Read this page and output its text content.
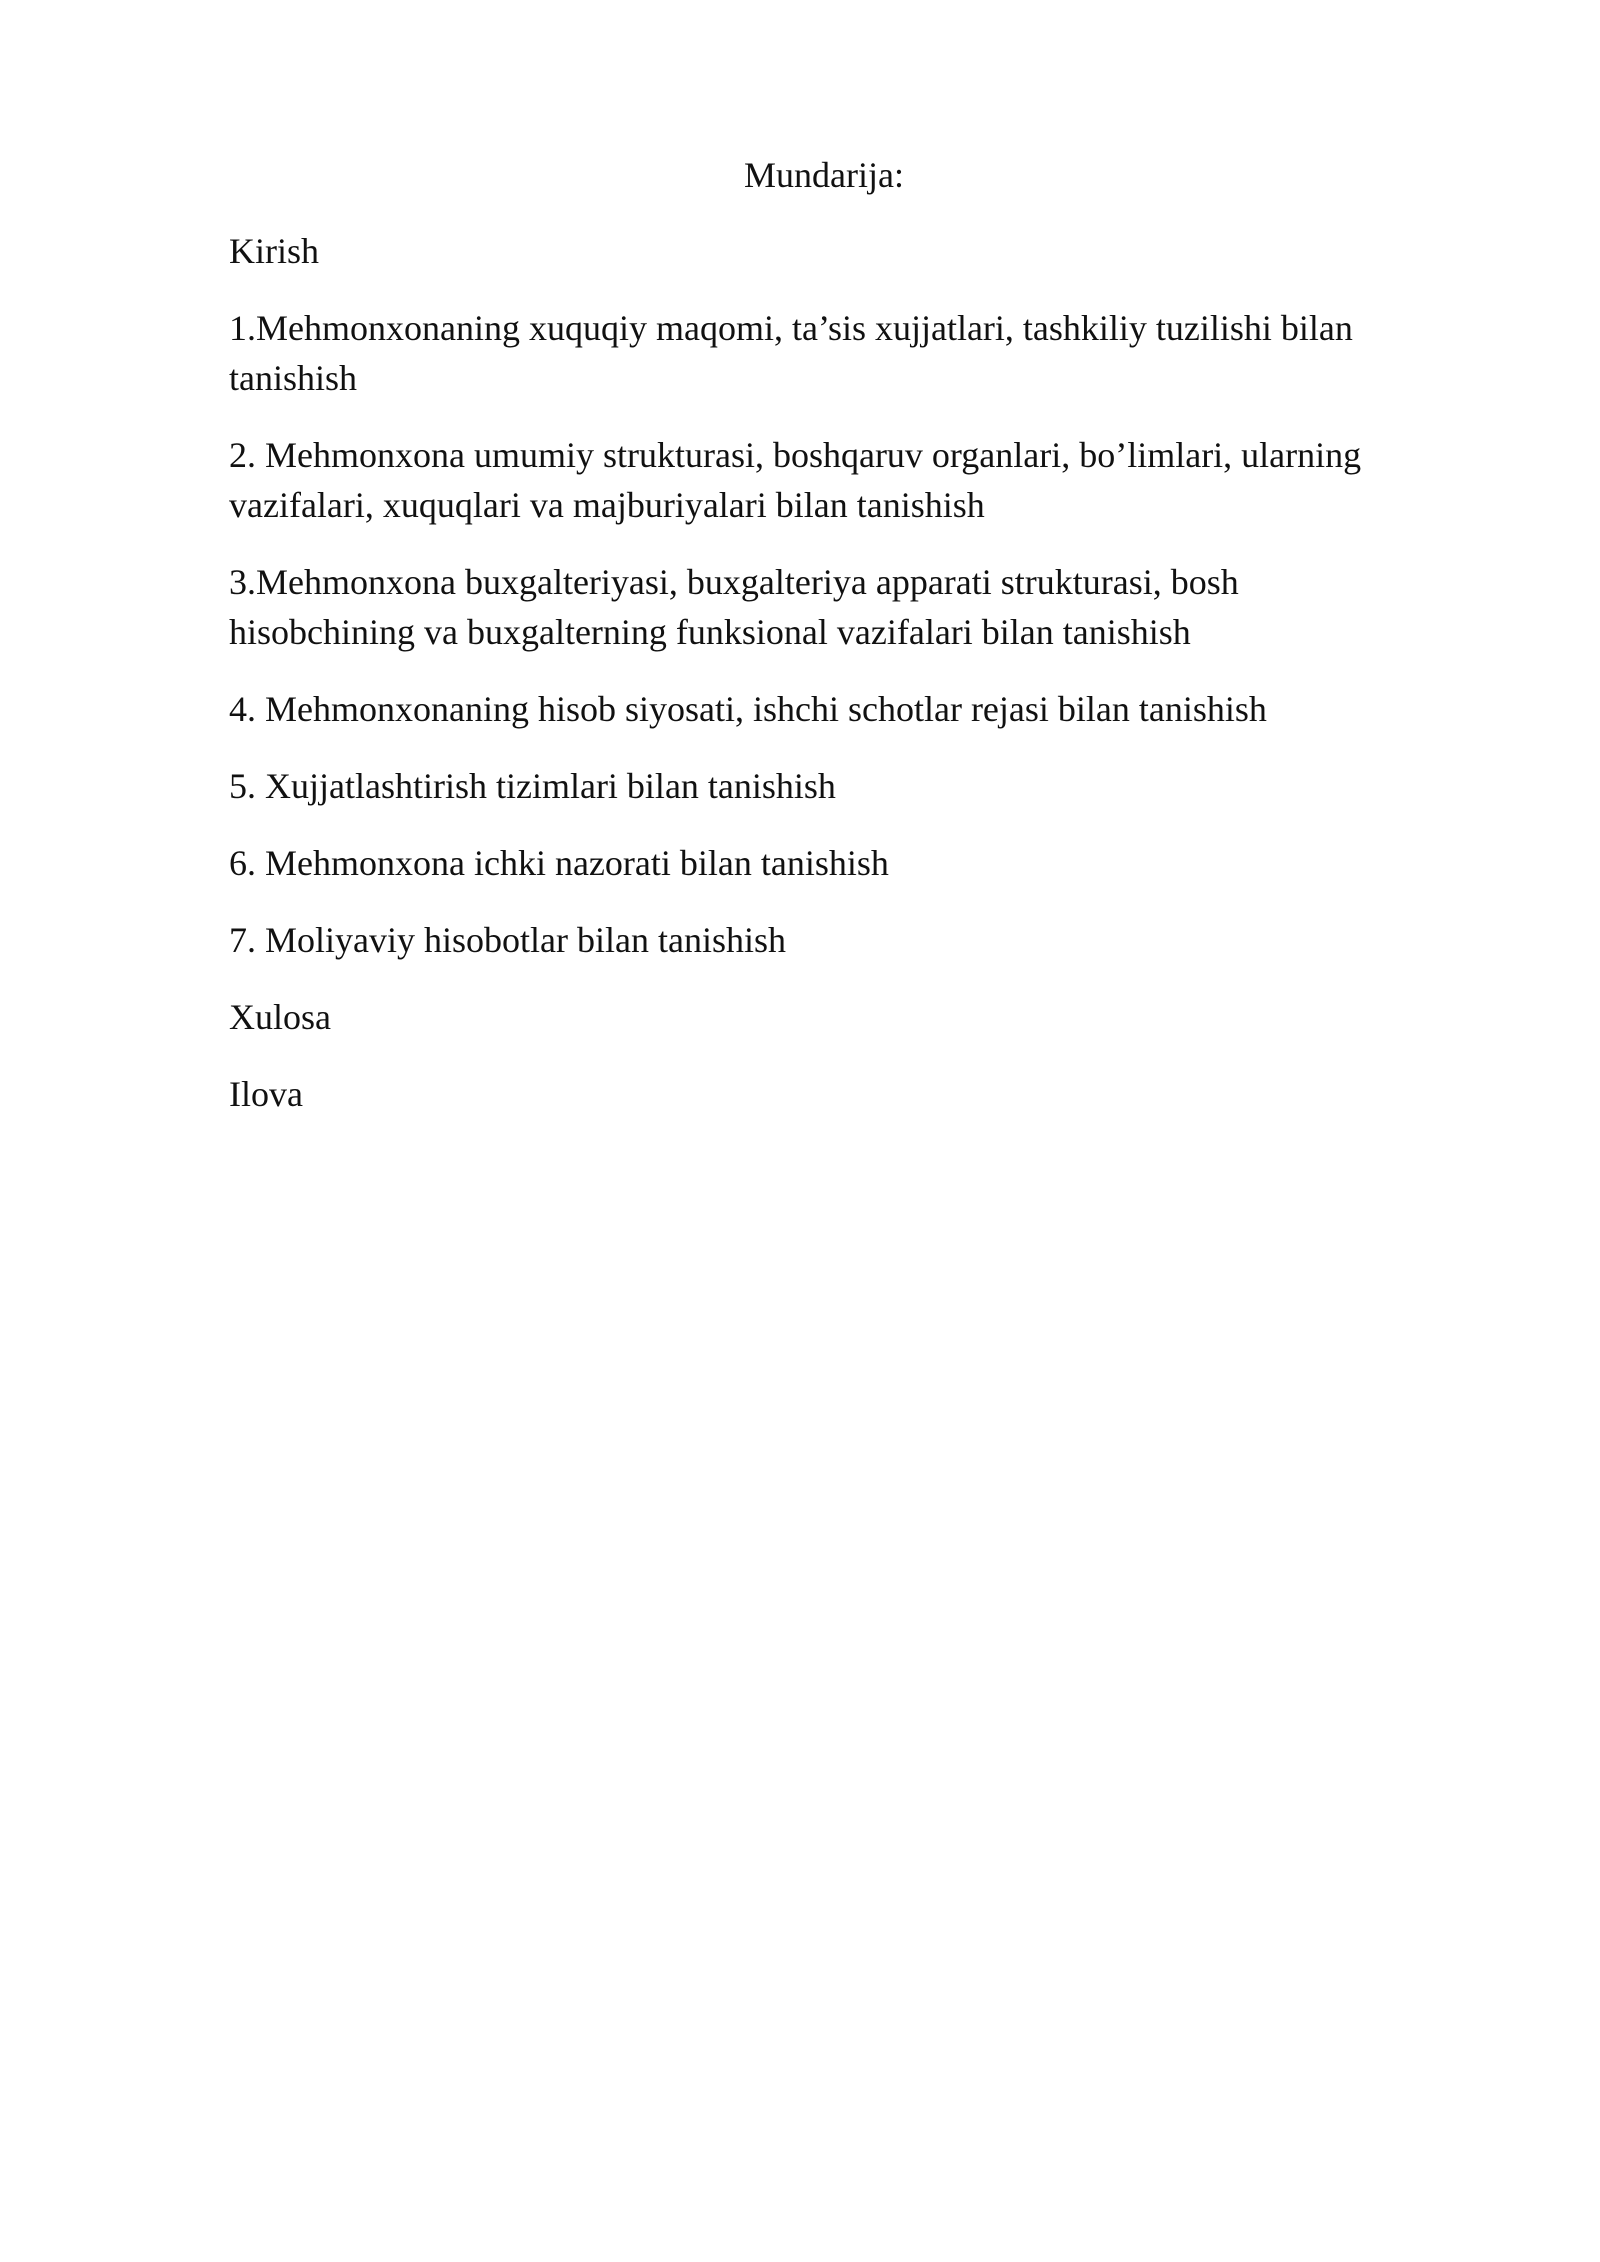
Mundarija:
Kirish
1.Mehmonxonaning xuquqiy maqomi, ta’sis xujjatlari, tashkiliy tuzilishi bilan tanishish
2. Mehmonxona umumiy strukturasi, boshqaruv organlari, bo’limlari, ularning vazifalari, xuquqlari va majburiyalari bilan tanishish
3.Mehmonxona buxgalteriyasi, buxgalteriya apparati strukturasi, bosh hisobchining va buxgalterning funksional vazifalari bilan tanishish
4. Mehmonxonaning hisob siyosati, ishchi schotlar rejasi bilan tanishish
5. Xujjatlashtirish tizimlari bilan tanishish
6. Mehmonxona ichki nazorati bilan tanishish
7. Moliyaviy hisobotlar bilan tanishish
Xulosa
Ilova
